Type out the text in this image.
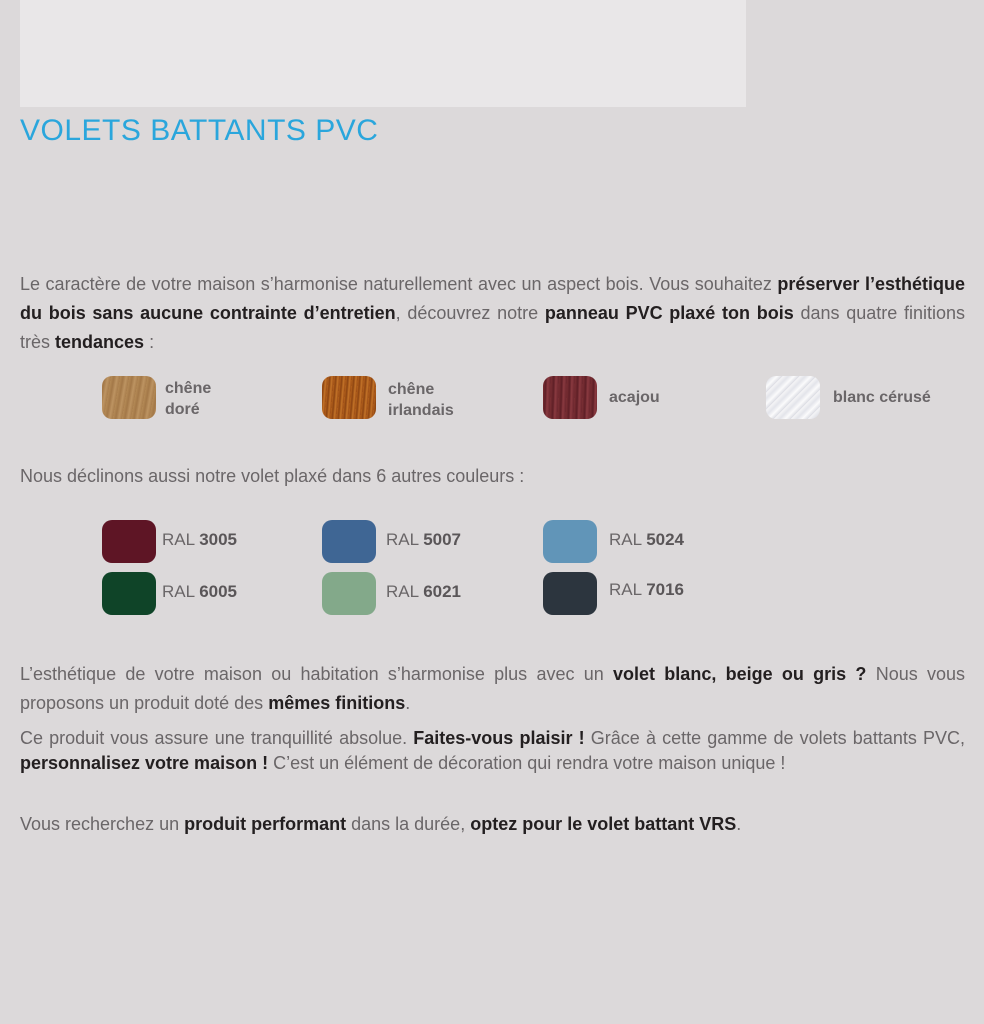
VOLETS BATTANTS PVC

Le caractère de votre maison s’harmonise naturellement avec un aspect bois. Vous souhaitez préserver l’esthétique du bois sans aucune contrainte d’entretien, découvrez notre panneau PVC plaxé ton bois dans quatre finitions très tendances :

chêne
doré
chêne
irlandais
acajou	blanc cérusé

Nous déclinons aussi notre volet plaxé dans 6 autres couleurs :

RAL 3005	RAL 5007	RAL 5024
RAL 6005	RAL 6021	RAL 7016

L’esthétique de votre maison ou habitation s’harmonise plus avec un volet blanc, beige ou gris ? Nous vous proposons un produit doté des mêmes finitions.

Ce produit vous assure une tranquillité absolue. Faites-vous plaisir ! Grâce à cette gamme de volets battants PVC, personnalisez votre maison ! C’est un élément de décoration qui rendra votre maison unique !

Vous recherchez un produit performant dans la durée, optez pour le volet battant VRS.
